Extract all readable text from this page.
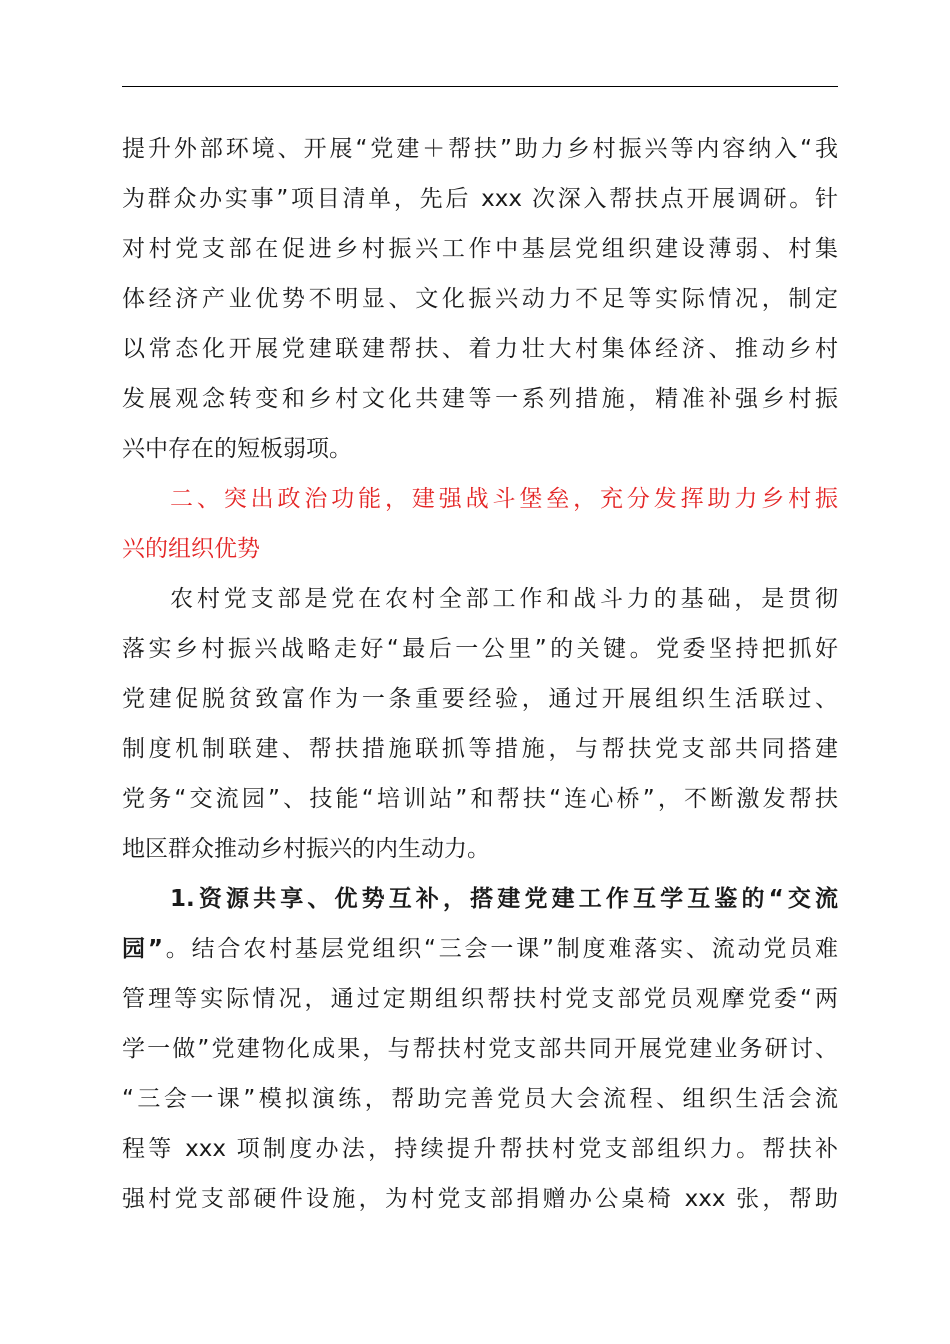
提升外部环境、开展“党建＋帮扶”助力乡村振兴等内容纳入“我
为群众办实事”项目清单，先后 xxx 次深入帮扶点开展调研。针
对村党支部在促进乡村振兴工作中基层党组织建设薄弱、村集
体经济产业优势不明显、文化振兴动力不足等实际情况，制定
以常态化开展党建联建帮扶、着力壮大村集体经济、推动乡村
发展观念转变和乡村文化共建等一系列措施，精准补强乡村振
兴中存在的短板弱项。
二、突出政治功能，建强战斗堡垒，充分发挥助力乡村振
兴的组织优势
农村党支部是党在农村全部工作和战斗力的基础，是贯彻
落实乡村振兴战略走好“最后一公里”的关键。党委坚持把抓好
党建促脱贫致富作为一条重要经验，通过开展组织生活联过、
制度机制联建、帮扶措施联抓等措施，与帮扶党支部共同搭建
党务“交流园”、技能“培训站”和帮扶“连心桥”，不断激发帮扶
地区群众推动乡村振兴的内生动力。
1.资源共享、优势互补，搭建党建工作互学互鉴的“交流
园”。结合农村基层党组织“三会一课”制度难落实、流动党员难
管理等实际情况，通过定期组织帮扶村党支部党员观摩党委“两
学一做”党建物化成果，与帮扶村党支部共同开展党建业务研讨、
“三会一课”模拟演练，帮助完善党员大会流程、组织生活会流
程等 xxx 项制度办法，持续提升帮扶村党支部组织力。帮扶补
强村党支部硬件设施，为村党支部捐赠办公桌椅 xxx 张，帮助
